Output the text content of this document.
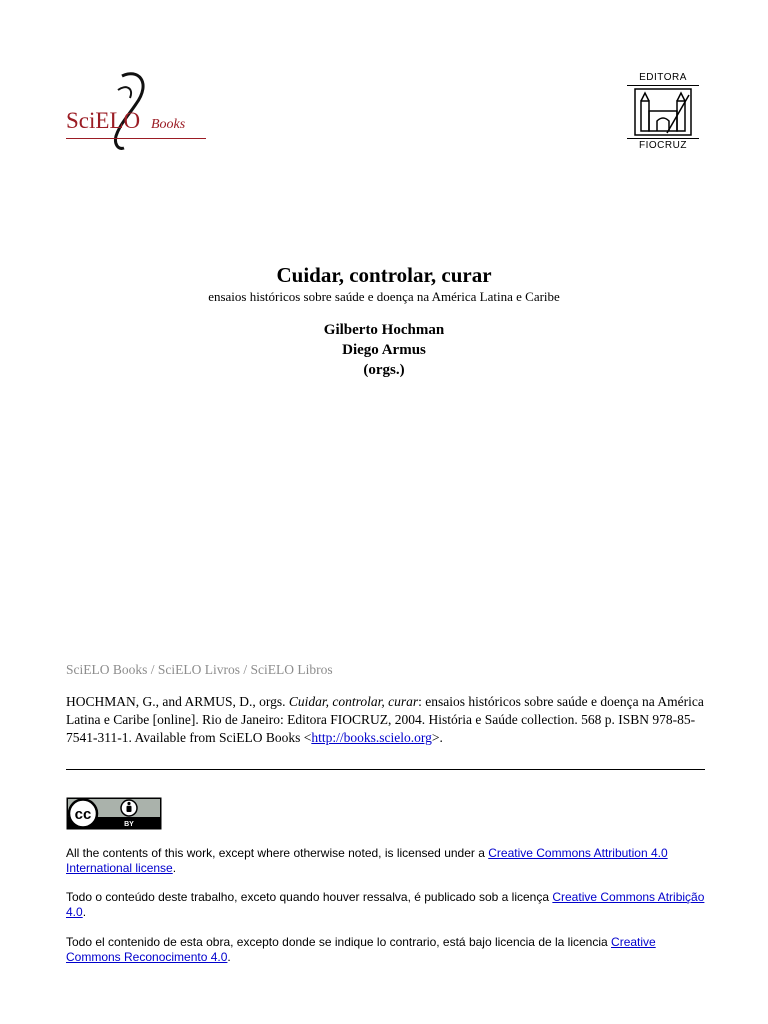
SciELO Books
EDITORA
FIOCRUZ
Cuidar, controlar, curar

ensaios históricos sobre saúde e doença na América Latina e Caribe

Gilberto Hochman
Diego Armus
(orgs.)
SciELO Books / SciELO Livros / SciELO Libros
HOCHMAN, G., and ARMUS, D., orgs. Cuidar, controlar, curar: ensaios históricos sobre saúde e doença na América Latina e Caribe [online]. Rio de Janeiro: Editora FIOCRUZ, 2004. História e Saúde collection. 568 p. ISBN 978-85-7541-311-1. Available from SciELO Books <http://books.scielo.org>.
cc
BY

All the contents of this work, except where otherwise noted, is licensed under a Creative Commons Attribution 4.0 International license.

Todo o conteúdo deste trabalho, exceto quando houver ressalva, é publicado sob a licença Creative Commons Atribição 4.0.

Todo el contenido de esta obra, excepto donde se indique lo contrario, está bajo licencia de la licencia Creative Commons Reconocimento 4.0.
